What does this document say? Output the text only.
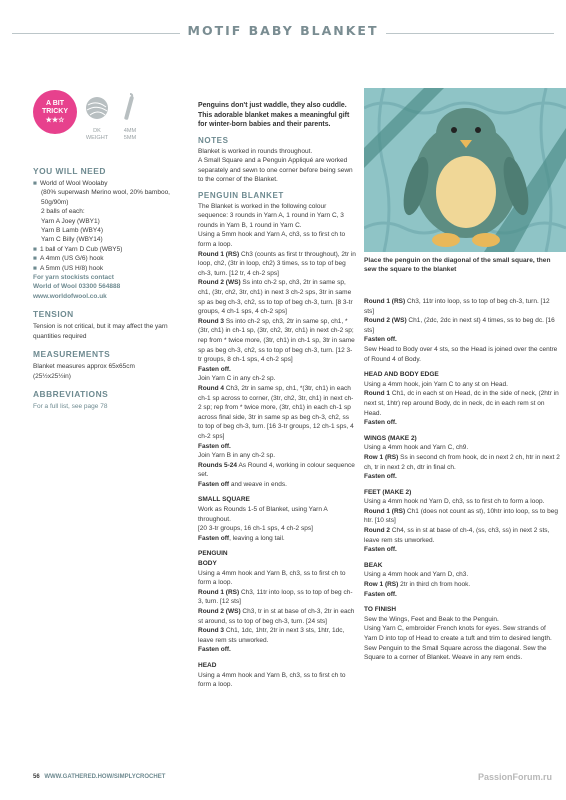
MOTIF BABY BLANKET
Place the penguin on the diagonal of the small square, then sew the square to the blanket
A BIT
TRICKY
★★☆
DK
WEIGHT
4MM
5MM
YOU WILL NEED

■ World of Wool Woolaby

(80% superwash Merino wool, 20% bamboo, 50g/90m)

2 balls of each:

Yarn A Joey (WBY1)

Yarn B Lamb (WBY4)

Yarn C Billy (WBY14)

■ 1 ball of Yarn D Cub (WBY5)

■ A 4mm (US G/6) hook

■ A 5mm (US H/8) hook

For yarn stockists contact

World of Wool 03300 564888

www.worldofwool.co.uk

TENSION

Tension is not critical, but it may affect the yarn quantities required

MEASUREMENTS

Blanket measures approx 65x65cm

(25½x25½in)

ABBREVIATIONS

For a full list, see page 78

Penguins don't just waddle, they also cuddle. This adorable blanket makes a meaningful gift for winter-born babies and their parents.

NOTES

Blanket is worked in rounds throughout.

A Small Square and a Penguin Appliqué are worked separately and sewn to one corner before being sewn to the corner of the Blanket.

PENGUIN BLANKET

The Blanket is worked in the following colour sequence: 3 rounds in Yarn A, 1 round in Yarn C, 3 rounds in Yarn B, 1 round in Yarn C.

Using a 5mm hook and Yarn A, ch3, ss to first ch to form a loop.

Round 1 (RS) Ch3 (counts as first tr throughout), 2tr in loop, ch2, (3tr in loop, ch2) 3 times, ss to top of beg ch-3, turn. [12 tr, 4 ch-2 sps]

Round 2 (WS) Ss into ch-2 sp, ch3, 2tr in same sp, ch1, (3tr, ch2, 3tr, ch1) in next 3 ch-2 sps, 3tr in same sp as beg ch-3, ch2, ss to top of beg ch-3, turn. [8 3-tr groups, 4 ch-1 sps, 4 ch-2 sps]

Round 3 Ss into ch-2 sp, ch3, 2tr in same sp, ch1, *(3tr, ch1) in ch-1 sp, (3tr, ch2, 3tr, ch1) in next ch-2 sp; rep from * twice more, (3tr, ch1) in ch-1 sp, 3tr in same sp as beg ch-3, ch2, ss to top of beg ch-3, turn. [12 3-tr groups, 8 ch-1 sps, 4 ch-2 sps]

Fasten off.

Join Yarn C in any ch-2 sp.

Round 4 Ch3, 2tr in same sp, ch1, *(3tr, ch1) in each ch-1 sp across to corner, (3tr, ch2, 3tr, ch1) in next ch-2 sp; rep from * twice more, (3tr, ch1) in each ch-1 sp across final side, 3tr in same sp as beg ch-3, ch2, ss to top of beg ch-3, turn. [16 3-tr groups, 12 ch-1 sps, 4 ch-2 sps]

Fasten off.

Join Yarn B in any ch-2 sp.

Rounds 5-24 As Round 4, working in colour sequence set.

Fasten off and weave in ends.

SMALL SQUARE

Work as Rounds 1-5 of Blanket, using Yarn A throughout.

[20 3-tr groups, 16 ch-1 sps, 4 ch-2 sps]

Fasten off, leaving a long tail.

PENGUIN
BODY

Using a 4mm hook and Yarn B, ch3, ss to first ch to form a loop.

Round 1 (RS) Ch3, 11tr into loop, ss to top of beg ch-3, turn. [12 sts]

Round 2 (WS) Ch3, tr in st at base of ch-3, 2tr in each st around, ss to top of beg ch-3, turn. [24 sts]

Round 3 Ch1, 1dc, 1htr, 2tr in next 3 sts, 1htr, 1dc, leave rem sts unworked.

Fasten off.

HEAD

Using a 4mm hook and Yarn B, ch3, ss to first ch to form a loop.

Round 1 (RS) Ch3, 11tr into loop, ss to top of beg ch-3, turn. [12 sts]

Round 2 (WS) Ch1, (2dc, 2dc in next st) 4 times, ss to beg dc. [16 sts]

Fasten off.

Sew Head to Body over 4 sts, so the Head is joined over the centre of Round 4 of Body.

HEAD AND BODY EDGE

Using a 4mm hook, join Yarn C to any st on Head.

Round 1 Ch1, dc in each st on Head, dc in the side of neck, (2htr in next st, 1htr) rep around Body, dc in neck, dc in each rem st on Head.

Fasten off.

WINGS (MAKE 2)

Using a 4mm hook and Yarn C, ch9.

Row 1 (RS) Ss in second ch from hook, dc in next 2 ch, htr in next 2 ch, tr in next 2 ch, dtr in final ch.

Fasten off.

FEET (MAKE 2)

Using a 4mm hook nd Yarn D, ch3, ss to first ch to form a loop.

Round 1 (RS) Ch1 (does not count as st), 10htr into loop, ss to beg htr. [10 sts]

Round 2 Ch4, ss in st at base of ch-4, (ss, ch3, ss) in next 2 sts, leave rem sts unworked.

Fasten off.

BEAK

Using a 4mm hook and Yarn D, ch3.

Row 1 (RS) 2tr in third ch from hook.

Fasten off.

TO FINISH

Sew the Wings, Feet and Beak to the Penguin.

Using Yarn C, embroider French knots for eyes. Sew strands of Yarn D into top of Head to create a tuft and trim to desired length.

Sew Penguin to the Small Square across the diagonal. Sew the Square to a corner of Blanket. Weave in any rem ends.

56 WWW.GATHERED.HOW/SIMPLYCROCHET	PassionForum.ru
